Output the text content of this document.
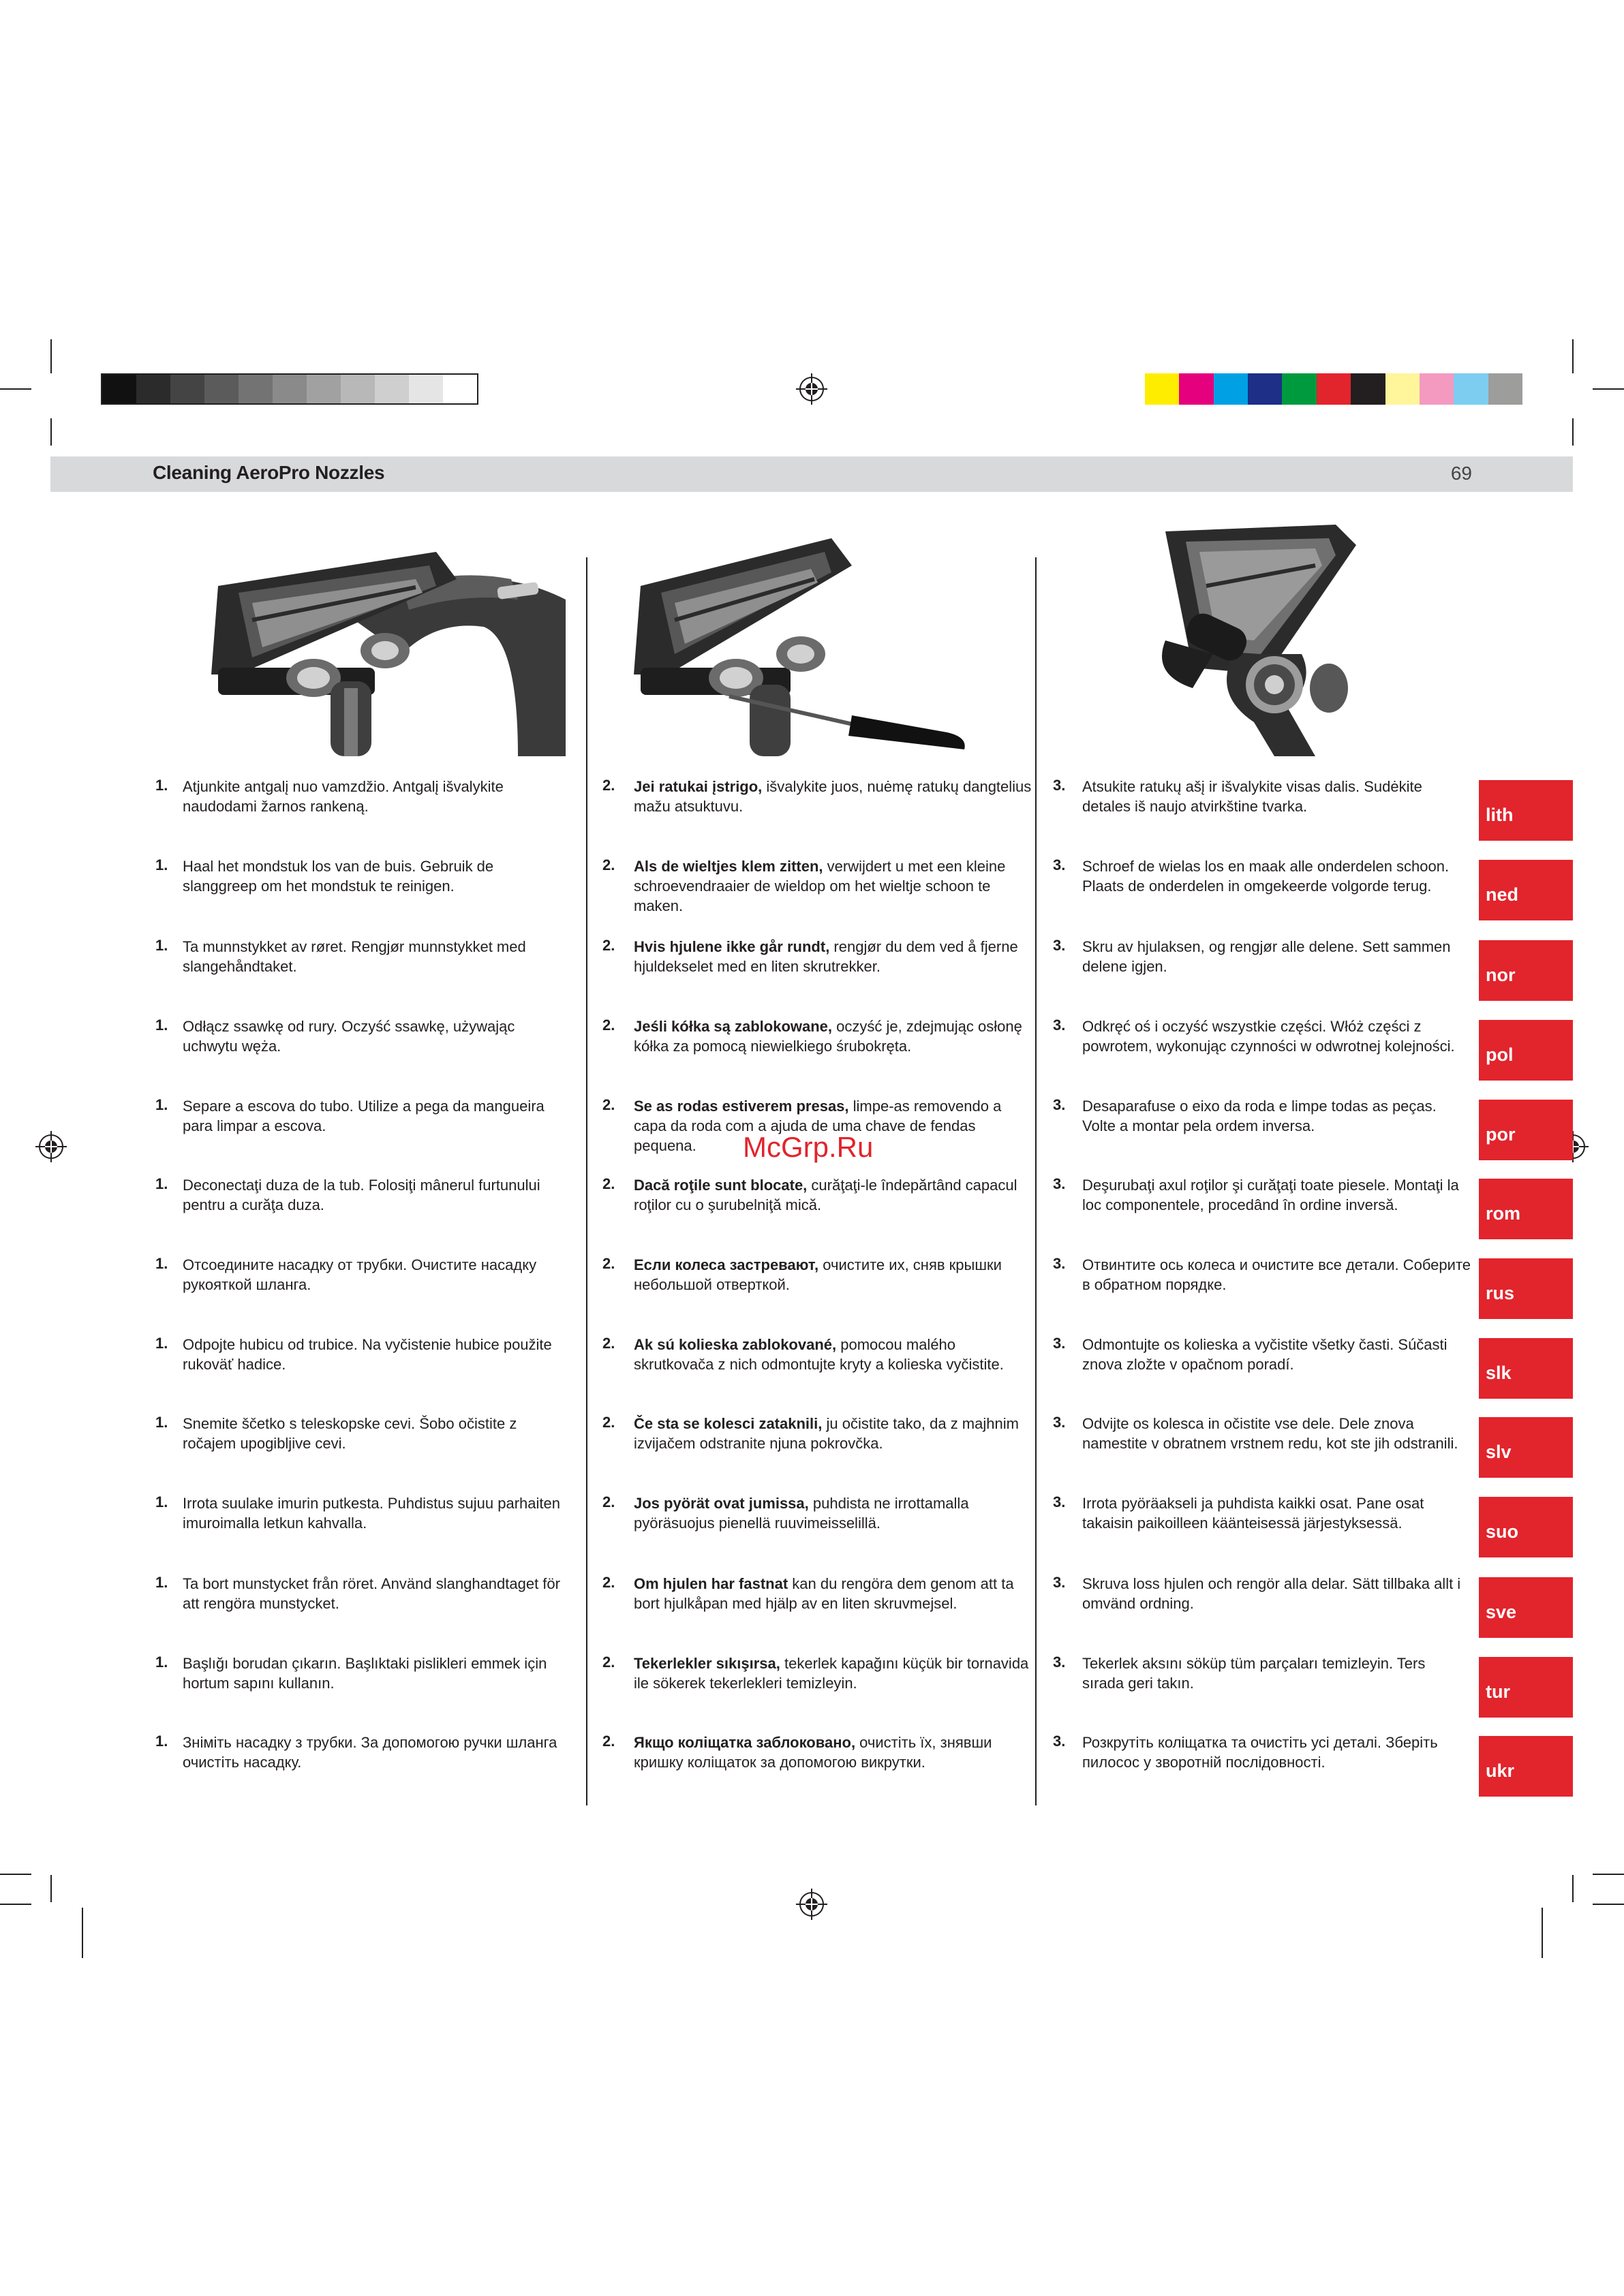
Cleaning AeroPro Nozzles	69
McGrp.Ru
1. Atjunkite antgalį nuo vamzdžio. Antgalį išvalykite naudodami žarnos rankeną.
2. Jei ratukai įstrigo, išvalykite juos, nuėmę ratukų dangtelius mažu atsuktuvu.
3. Atsukite ratukų ašį ir išvalykite visas dalis. Sudėkite detales iš naujo atvirkštine tvarka.	lith
1. Haal het mondstuk los van de buis. Gebruik de slanggreep om het mondstuk te reinigen.
2. Als de wieltjes klem zitten, verwijdert u met een kleine schroevendraaier de wieldop om het wieltje schoon te maken.
3. Schroef de wielas los en maak alle onderdelen schoon. Plaats de onderdelen in omgekeerde volgorde terug.	ned
1. Ta munnstykket av røret. Rengjør munnstykket med slangehåndtaket.
2. Hvis hjulene ikke går rundt, rengjør du dem ved å fjerne hjuldekselet med en liten skrutrekker.
3. Skru av hjulaksen, og rengjør alle delene. Sett sammen delene igjen.	nor
1. Odłącz ssawkę od rury. Oczyść ssawkę, używając uchwytu węża.
2. Jeśli kółka są zablokowane, oczyść je, zdejmując osłonę kółka za pomocą niewielkiego śrubokręta.
3. Odkręć oś i oczyść wszystkie części. Włóż części z powrotem, wykonując czynności w odwrotnej kolejności.	pol
1. Separe a escova do tubo. Utilize a pega da mangueira para limpar a escova.
2. Se as rodas estiverem presas, limpe-as removendo a capa da roda com a ajuda de uma chave de fendas pequena.
3. Desaparafuse o eixo da roda e limpe todas as peças. Volte a montar pela ordem inversa.	por
1. Deconectaţi duza de la tub. Folosiţi mânerul furtunului pentru a curăţa duza.
2. Dacă roţile sunt blocate, curăţaţi-le îndepărtând capacul roţilor cu o şurubelniţă mică.
3. Deşurubaţi axul roţilor şi curăţaţi toate piesele. Montaţi la loc componentele, procedând în ordine inversă.	rom
1. Отсоедините насадку от трубки. Очистите насадку рукояткой шланга.
2. Если колеса застревают, очистите их, сняв крышки небольшой отверткой.
3. Отвинтите ось колеса и очистите все детали. Соберите в обратном порядке.	rus
1. Odpojte hubicu od trubice. Na vyčistenie hubice použite rukoväť hadice.
2. Ak sú kolieska zablokované, pomocou malého skrutkovača z nich odmontujte kryty a kolieska vyčistite.
3. Odmontujte os kolieska a vyčistite všetky časti. Súčasti znova zložte v opačnom poradí.	slk
1. Snemite ščetko s teleskopske cevi. Šobo očistite z ročajem upogibljive cevi.
2. Če sta se kolesci zataknili, ju očistite tako, da z majhnim izvijačem odstranite njuna pokrovčka.
3. Odvijte os kolesca in očistite vse dele. Dele znova namestite v obratnem vrstnem redu, kot ste jih odstranili.	slv
1. Irrota suulake imurin putkesta. Puhdistus sujuu parhaiten imuroimalla letkun kahvalla.
2. Jos pyörät ovat jumissa, puhdista ne irrottamalla pyöräsuojus pienellä ruuvimeisselillä.
3. Irrota pyöräakseli ja puhdista kaikki osat. Pane osat takaisin paikoilleen käänteisessä järjestyksessä.	suo
1. Ta bort munstycket från röret. Använd slanghandtaget för att rengöra munstycket.
2. Om hjulen har fastnat kan du rengöra dem genom att ta bort hjulkåpan med hjälp av en liten skruvmejsel.
3. Skruva loss hjulen och rengör alla delar. Sätt tillbaka allt i omvänd ordning.	sve
1. Başlığı borudan çıkarın. Başlıktaki pislikleri emmek için hortum sapını kullanın.
2. Tekerlekler sıkışırsa, tekerlek kapağını küçük bir tornavida ile sökerek tekerlekleri temizleyin.
3. Tekerlek aksını söküp tüm parçaları temizleyin. Ters sırada geri takın.	tur
1. Зніміть насадку з трубки. За допомогою ручки шланга очистіть насадку.
2. Якщо коліщатка заблоковано, очистіть їх, знявши кришку коліщаток за допомогою викрутки.
3. Розкрутіть коліщатка та очистіть усі деталі. Зберіть пилосос у зворотній послідовності.	ukr
